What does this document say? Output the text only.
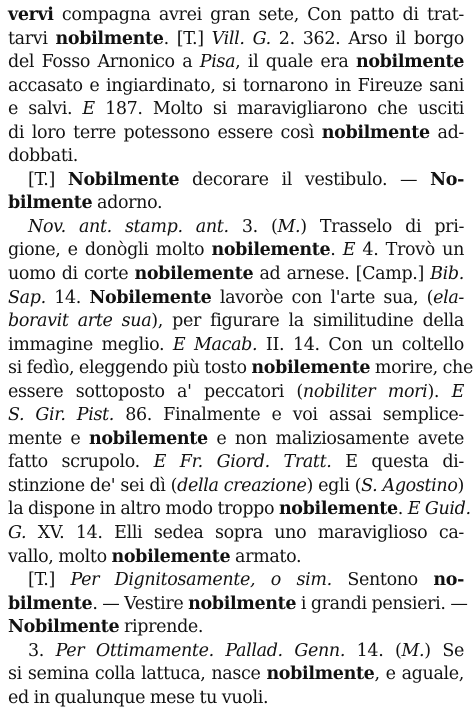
vervi compagna avrei gran sete, Con patto di trat-
tarvi nobilmente. [T.] Vill. G. 2. 362. Arso il borgo
del Fosso Arnonico a Pisa, il quale era nobilmente
accasato e ingiardinato, si tornarono in Fireuze sani
e salvi. E 187. Molto si maravigliarono che usciti
di loro terre potessono essere così nobilmente ad-
dobbati.
[T.] Nobilmente decorare il vestibulo. — No-
bilmente adorno.
Nov. ant. stamp. ant. 3. (M.) Trasselo di pri-
gione, e donògli molto nobilemente. E 4. Trovò un
uomo di corte nobilemente ad arnese. [Camp.] Bib.
Sap. 14. Nobilemente lavoròe con l'arte sua, (ela-
boravit arte sua), per figurare la similitudine della
immagine meglio. E Macab. II. 14. Con un coltello
si fedìo, eleggendo più tosto nobilemente morire, che
essere sottoposto a' peccatori (nobiliter mori). E
S. Gir. Pist. 86. Finalmente e voi assai semplice-
mente e nobilemente e non maliziosamente avete
fatto scrupolo. E Fr. Giord. Tratt. E questa di-
stinzione de' sei dì (della creazione) egli (S. Agostino)
la dispone in altro modo troppo nobilemente. E Guid.
G. XV. 14. Elli sedea sopra uno maraviglioso ca-
vallo, molto nobilemente armato.
[T.] Per Dignitosamente, o sim. Sentono no-
bilmente. — Vestire nobilmente i grandi pensieri. —
Nobilmente riprende.
3. Per Ottimamente. Pallad. Genn. 14. (M.) Se
si semina colla lattuca, nasce nobilmente, e aguale,
ed in qualunque mese tu vuoli.
